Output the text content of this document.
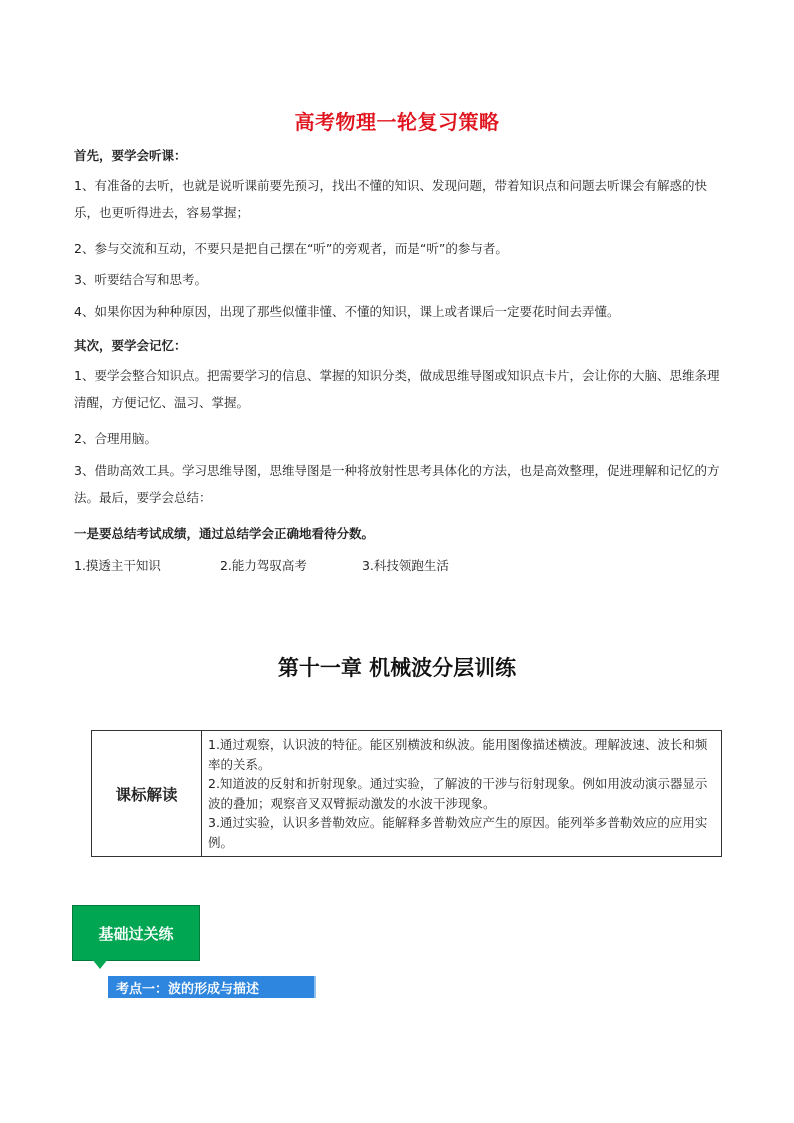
高考物理一轮复习策略

首先，要学会听课：

1、有准备的去听，也就是说听课前要先预习，找出不懂的知识、发现问题，带着知识点和问题去听课会有解惑的快乐，也更听得进去，容易掌握；

2、参与交流和互动，不要只是把自己摆在“听”的旁观者，而是“听”的参与者。

3、听要结合写和思考。

4、如果你因为种种原因，出现了那些似懂非懂、不懂的知识，课上或者课后一定要花时间去弄懂。

其次，要学会记忆：

1、要学会整合知识点。把需要学习的信息、掌握的知识分类，做成思维导图或知识点卡片，会让你的大脑、思维条理清醒，方便记忆、温习、掌握。

2、合理用脑。

3、借助高效工具。学习思维导图，思维导图是一种将放射性思考具体化的方法，也是高效整理，促进理解和记忆的方法。最后，要学会总结：

一是要总结考试成绩，通过总结学会正确地看待分数。

1.摸透主干知识	2.能力驾驭高考	3.科技领跑生活
第十一章 机械波分层训练
课标解读	

1.通过观察，认识波的特征。能区别横波和纵波。能用图像描述横波。理解波速、波长和频率的关系。

2.知道波的反射和折射现象。通过实验，了解波的干涉与衍射现象。例如用波动演示器显示波的叠加；观察音叉双臂振动激发的水波干涉现象。

3.通过实验，认识多普勒效应。能解释多普勒效应产生的原因。能列举多普勒效应的应用实例。

基础过关练
考点一：波的形成与描述
